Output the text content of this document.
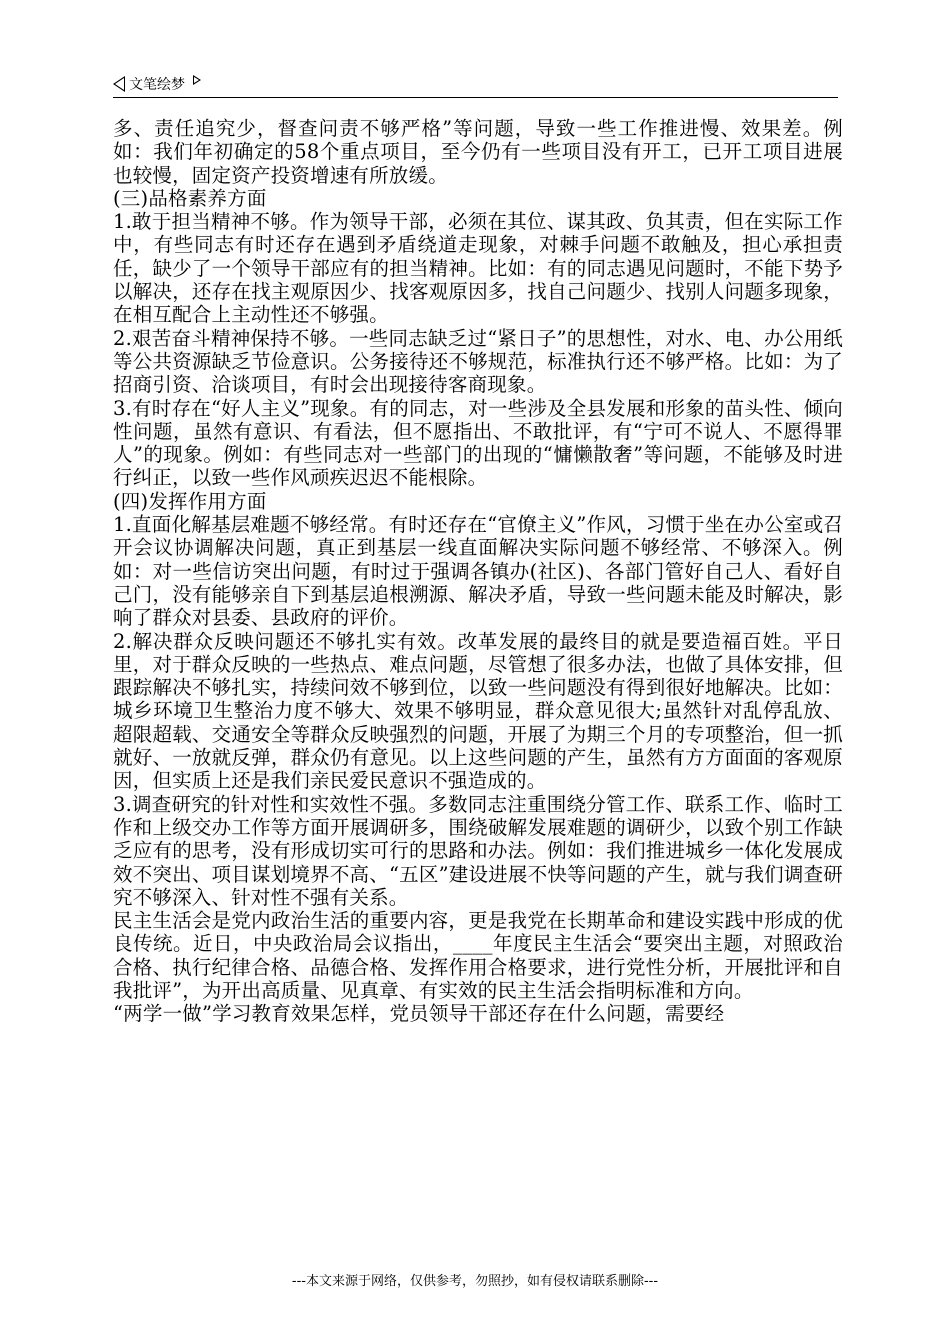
文笔绘梦

多、责任追究少，督查问责不够严格”等问题，导致一些工作推进慢、效果差。例如：我们年初确定的58个重点项目，至今仍有一些项目没有开工，已开工项目进展也较慢，固定资产投资增速有所放缓。

(三)品格素养方面

1.敢于担当精神不够。作为领导干部，必须在其位、谋其政、负其责，但在实际工作中，有些同志有时还存在遇到矛盾绕道走现象，对棘手问题不敢触及，担心承担责任，缺少了一个领导干部应有的担当精神。比如：有的同志遇见问题时，不能下势予以解决，还存在找主观原因少、找客观原因多，找自己问题少、找别人问题多现象，在相互配合上主动性还不够强。

2.艰苦奋斗精神保持不够。一些同志缺乏过“紧日子”的思想性，对水、电、办公用纸等公共资源缺乏节俭意识。公务接待还不够规范，标准执行还不够严格。比如：为了招商引资、洽谈项目，有时会出现接待客商现象。

3.有时存在“好人主义”现象。有的同志，对一些涉及全县发展和形象的苗头性、倾向性问题，虽然有意识、有看法，但不愿指出、不敢批评，有“宁可不说人、不愿得罪人”的现象。例如：有些同志对一些部门的出现的“慵懒散奢”等问题，不能够及时进行纠正，以致一些作风顽疾迟迟不能根除。

(四)发挥作用方面

1.直面化解基层难题不够经常。有时还存在“官僚主义”作风，习惯于坐在办公室或召开会议协调解决问题，真正到基层一线直面解决实际问题不够经常、不够深入。例如：对一些信访突出问题，有时过于强调各镇办(社区)、各部门管好自己人、看好自己门，没有能够亲自下到基层追根溯源、解决矛盾，导致一些问题未能及时解决，影响了群众对县委、县政府的评价。

2.解决群众反映问题还不够扎实有效。改革发展的最终目的就是要造福百姓。平日里，对于群众反映的一些热点、难点问题，尽管想了很多办法，也做了具体安排，但跟踪解决不够扎实，持续问效不够到位，以致一些问题没有得到很好地解决。比如：城乡环境卫生整治力度不够大、效果不够明显，群众意见很大;虽然针对乱停乱放、超限超载、交通安全等群众反映强烈的问题，开展了为期三个月的专项整治，但一抓就好、一放就反弹，群众仍有意见。以上这些问题的产生，虽然有方方面面的客观原因，但实质上还是我们亲民爱民意识不强造成的。

3.调查研究的针对性和实效性不强。多数同志注重围绕分管工作、联系工作、临时工作和上级交办工作等方面开展调研多，围绕破解发展难题的调研少，以致个别工作缺乏应有的思考，没有形成切实可行的思路和办法。例如：我们推进城乡一体化发展成效不突出、项目谋划境界不高、“五区”建设进展不快等问题的产生，就与我们调查研究不够深入、针对性不强有关系。

民主生活会是党内政治生活的重要内容，更是我党在长期革命和建设实践中形成的优良传统。近日，中央政治局会议指出，____年度民主生活会“要突出主题，对照政治合格、执行纪律合格、品德合格、发挥作用合格要求，进行党性分析，开展批评和自我批评”，为开出高质量、见真章、有实效的民主生活会指明标准和方向。

“两学一做”学习教育效果怎样，党员领导干部还存在什么问题，需要经

---本文来源于网络，仅供参考，勿照抄，如有侵权请联系删除---
